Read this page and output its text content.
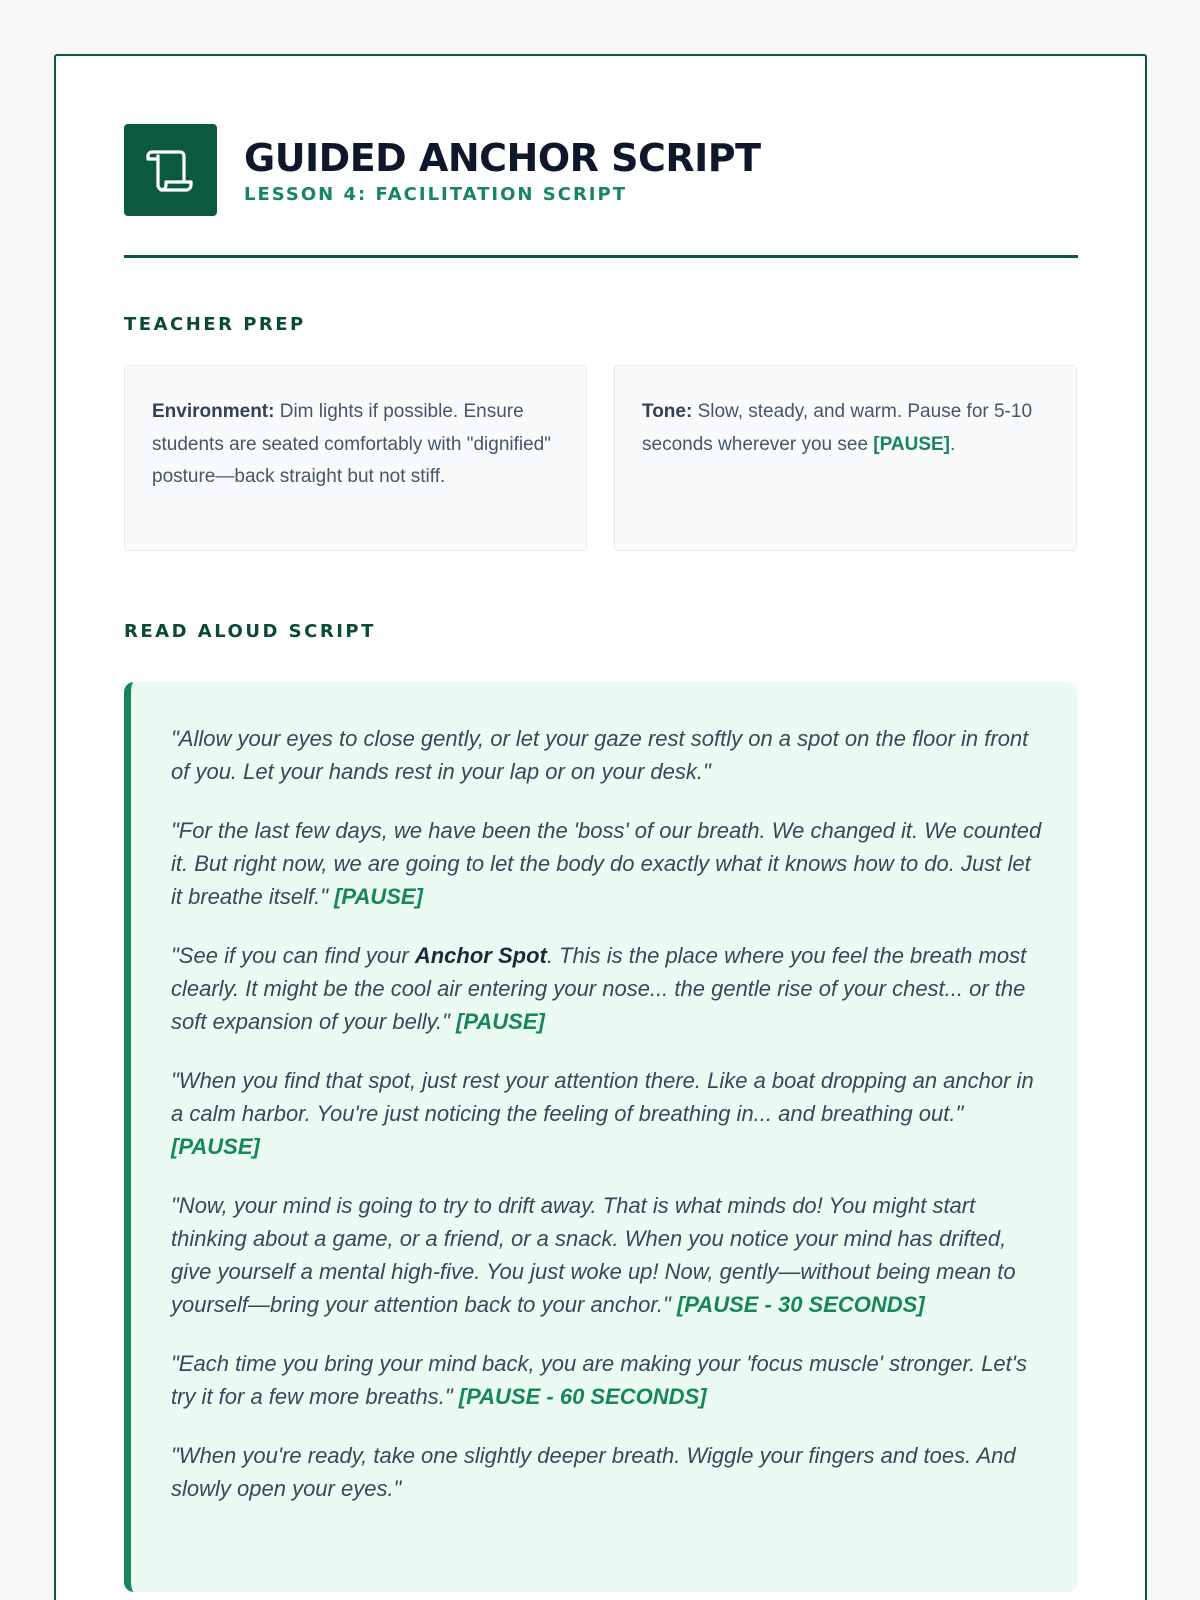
GUIDED ANCHOR SCRIPT
LESSON 4: FACILITATION SCRIPT
TEACHER PREP
Environment: Dim lights if possible. Ensure students are seated comfortably with "dignified" posture—back straight but not stiff.
Tone: Slow, steady, and warm. Pause for 5-10 seconds wherever you see [PAUSE].
READ ALOUD SCRIPT

"Allow your eyes to close gently, or let your gaze rest softly on a spot on the floor in front of you. Let your hands rest in your lap or on your desk."

"For the last few days, we have been the 'boss' of our breath. We changed it. We counted it. But right now, we are going to let the body do exactly what it knows how to do. Just let it breathe itself." [PAUSE]

"See if you can find your Anchor Spot. This is the place where you feel the breath most clearly. It might be the cool air entering your nose... the gentle rise of your chest... or the soft expansion of your belly." [PAUSE]

"When you find that spot, just rest your attention there. Like a boat dropping an anchor in a calm harbor. You're just noticing the feeling of breathing in... and breathing out." [PAUSE]

"Now, your mind is going to try to drift away. That is what minds do! You might start thinking about a game, or a friend, or a snack. When you notice your mind has drifted, give yourself a mental high-five. You just woke up! Now, gently—without being mean to yourself—bring your attention back to your anchor." [PAUSE - 30 SECONDS]

"Each time you bring your mind back, you are making your 'focus muscle' stronger. Let's try it for a few more breaths." [PAUSE - 60 SECONDS]

"When you're ready, take one slightly deeper breath. Wiggle your fingers and toes. And slowly open your eyes."
